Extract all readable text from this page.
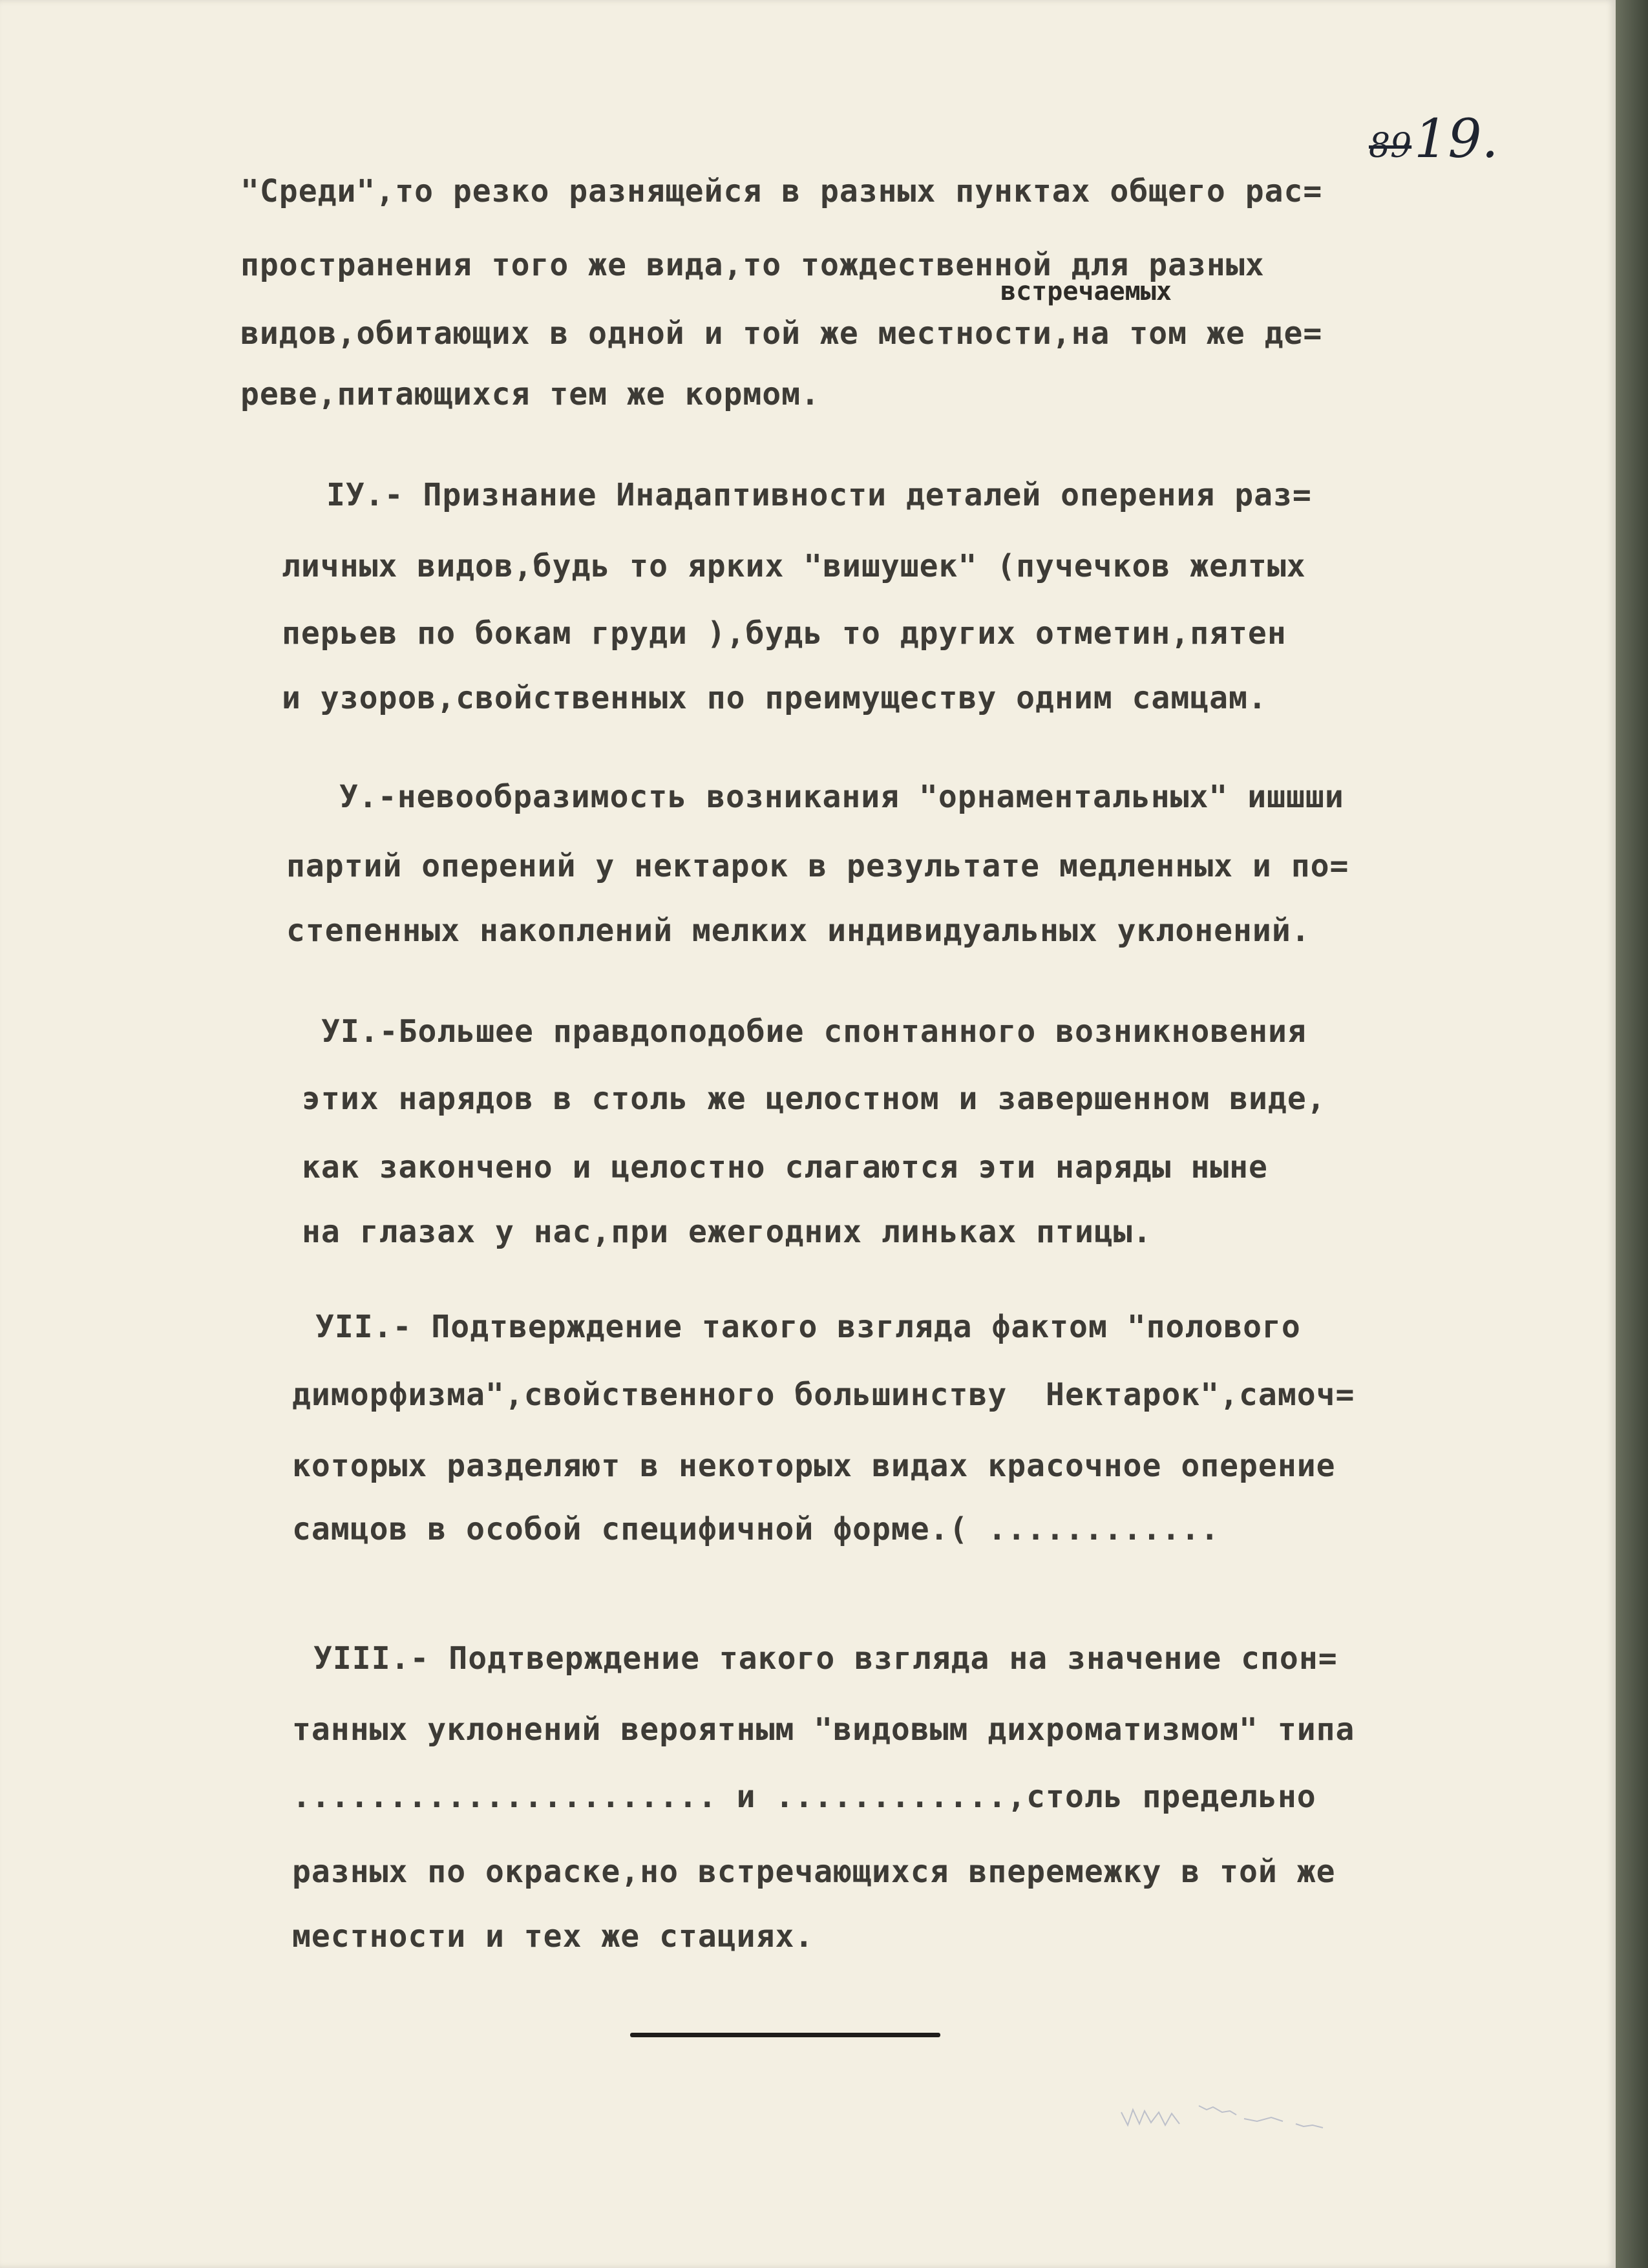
8919.
встречаемых
"Среди",то резко разнящейся в разных пунктах общего рас=
пространения того же вида,то тождественной для разных
видов,обитающих в одной и той же местности,на том же де=
реве,питающихся тем же кормом.
IУ.- Признание Инадаптивности деталей оперения раз=
личных видов,будь то ярких "вишушек" (пучечков желтых
перьев по бокам груди ),будь то других отметин,пятен
и узоров,свойственных по преимуществу одним самцам.
У.-невообразимость возникания "орнаментальных" ишшши
партий оперений у нектарок в результате медленных и по=
степенных накоплений мелких индивидуальных уклонений.
УI.-Большее правдоподобие спонтанного возникновения
этих нарядов в столь же целостном и завершенном виде,
как закончено и целостно слагаются эти наряды ныне
на глазах у нас,при ежегодних линьках птицы.
УII.- Подтверждение такого взгляда фактом "полового
диморфизма",свойственного большинству  Нектарок",самоч=
которых разделяют в некоторых видах красочное оперение
самцов в особой специфичной форме.( ............
УIII.- Подтверждение такого взгляда на значение спон=
танных уклонений вероятным "видовым дихроматизмом" типа
...................... и ............,столь предельно
разных по окраске,но встречающихся вперемежку в той же
местности и тех же стациях.
